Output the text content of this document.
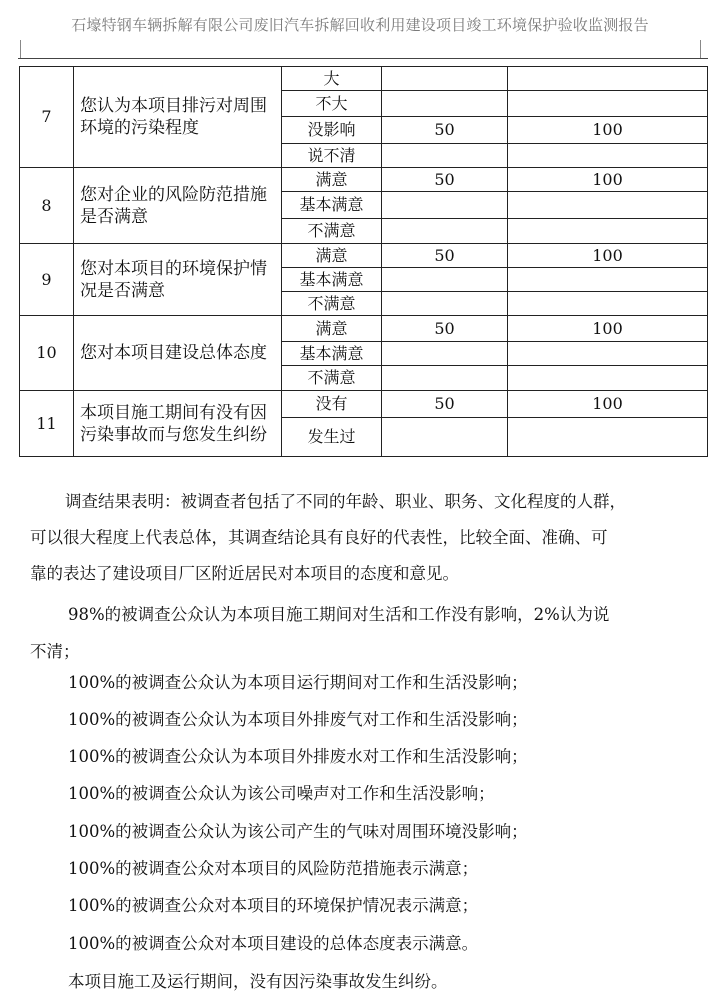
石壕特钢车辆拆解有限公司废旧汽车拆解回收利用建设项目竣工环境保护验收监测报告
7	您认为本项目排污对周围环境的污染程度	大		
		不大		
		没影响	50	100
		说不清		
8	您对企业的风险防范措施是否满意	满意	50	100
		基本满意		
		不满意		
9	您对本项目的环境保护情况是否满意	满意	50	100
		基本满意		
		不满意		
10	您对本项目建设总体态度	满意	50	100
		基本满意		
		不满意		
11	本项目施工期间有没有因污染事故而与您发生纠纷	没有	50	100
		发生过		
调查结果表明：被调查者包括了不同的年龄、职业、职务、文化程度的人群，
可以很大程度上代表总体，其调查结论具有良好的代表性，比较全面、准确、可
靠的表达了建设项目厂区附近居民对本项目的态度和意见。
98%的被调查公众认为本项目施工期间对生活和工作没有影响，2%认为说
不清；
100%的被调查公众认为本项目运行期间对工作和生活没影响；
100%的被调查公众认为本项目外排废气对工作和生活没影响；
100%的被调查公众认为本项目外排废水对工作和生活没影响；
100%的被调查公众认为该公司噪声对工作和生活没影响；
100%的被调查公众认为该公司产生的气味对周围环境没影响；
100%的被调查公众对本项目的风险防范措施表示满意；
100%的被调查公众对本项目的环境保护情况表示满意；
100%的被调查公众对本项目建设的总体态度表示满意。
本项目施工及运行期间，没有因污染事故发生纠纷。
